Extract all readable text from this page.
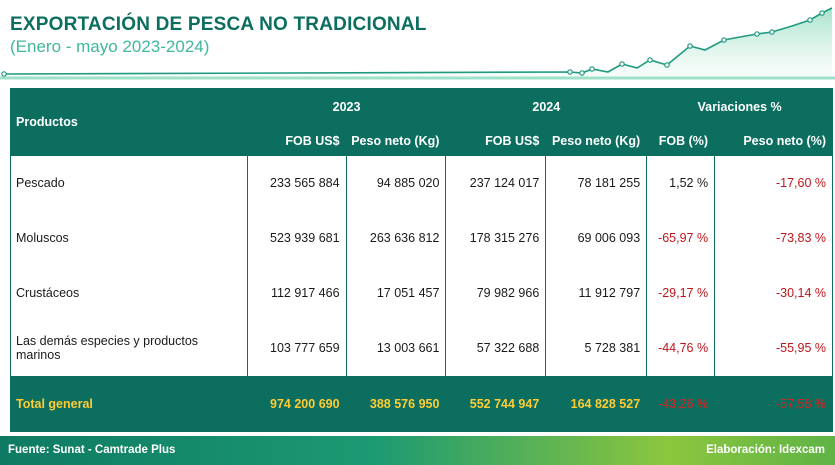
EXPORTACIÓN DE PESCA NO TRADICIONAL
(Enero - mayo 2023-2024)
Productos	2023		2024		Variaciones %	
	FOB US$	Peso neto (Kg)	FOB US$	Peso neto (Kg)	FOB (%)	Peso neto (%)
Pescado	233 565 884	94 885 020	237 124 017	78 181 255	1,52 %	-17,60 %
Moluscos	523 939 681	263 636 812	178 315 276	69 006 093	-65,97 %	-73,83 %
Crustáceos	112 917 466	17 051 457	79 982 966	11 912 797	-29,17 %	-30,14 %
Las demás especies y productos marinos	103 777 659	13 003 661	57 322 688	5 728 381	-44,76 %	-55,95 %
Total general	974 200 690	388 576 950	552 744 947	164 828 527	-43,26 %	-57,58 %
Fuente: Sunat - Camtrade Plus	Elaboración: Idexcam
